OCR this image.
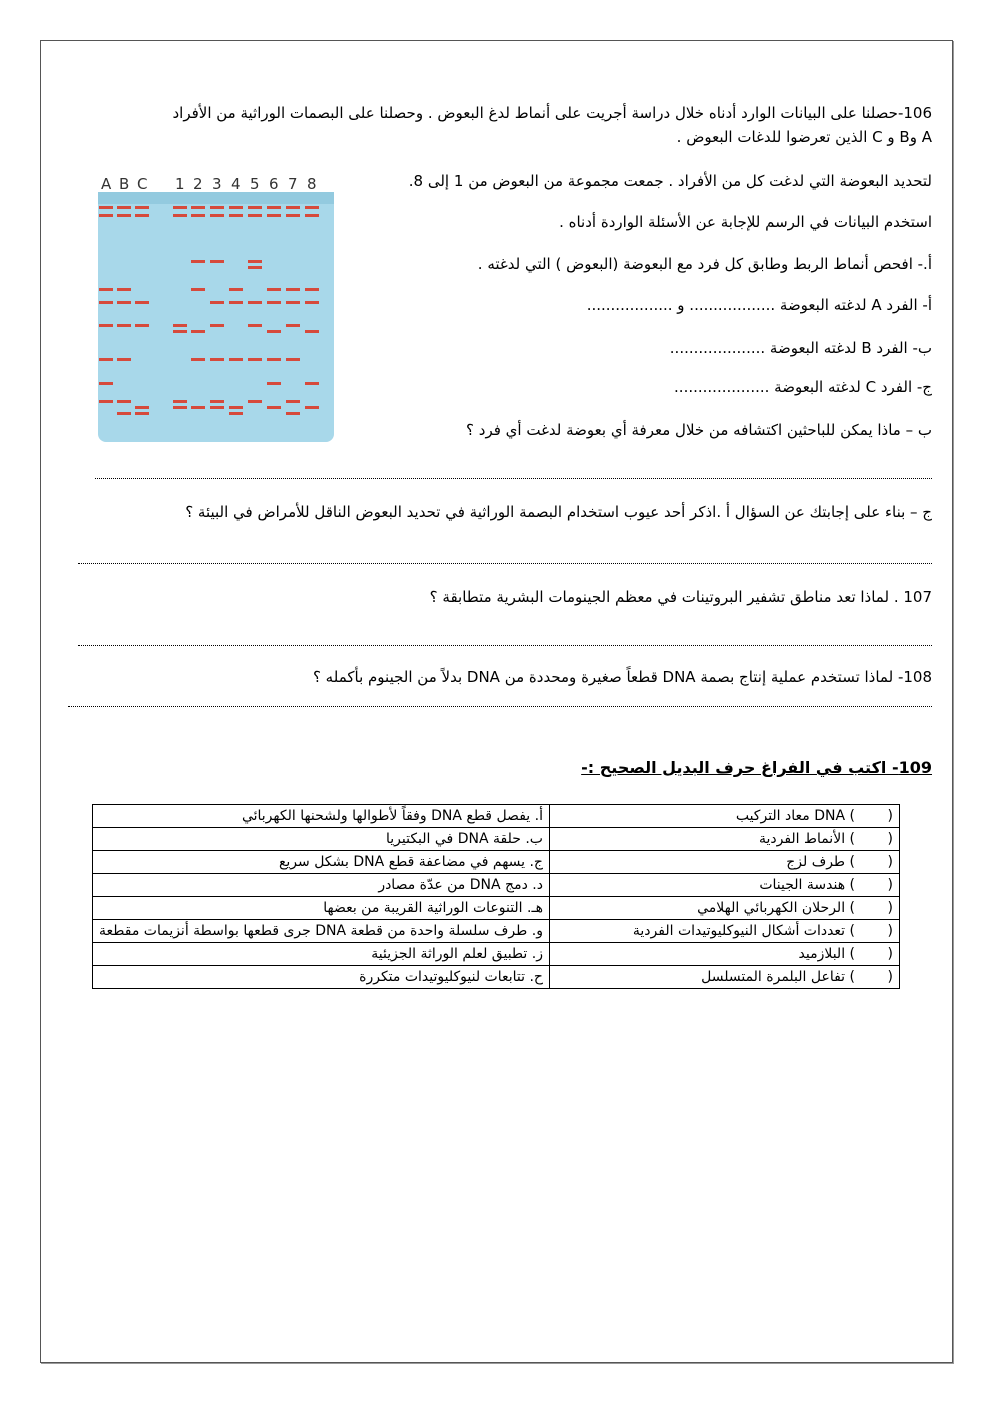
106-حصلنا على البيانات الوارد أدناه خلال دراسة أجريت على أنماط لدغ البعوض . وحصلنا على البصمات الوراثية من الأفراد
A وB و C الذين تعرضوا للدغات البعوض .
لتحديد البعوضة التي لدغت كل من الأفراد . جمعت مجموعة من البعوض من 1 إلى 8.
استخدم البيانات في الرسم للإجابة عن الأسئلة الواردة أدناه .
أ.- افحص أنماط الربط وطابق كل فرد مع البعوضة (البعوض ) التي لدغته .
أ- الفرد A لدغته البعوضة .................. و ..................
ب- الفرد B لدغته البعوضة ....................
ج- الفرد C لدغته البعوضة ....................
ب – ماذا يمكن للباحثين اكتشافه من خلال معرفة أي بعوضة لدغت أي فرد ؟
ج – بناء على إجابتك عن السؤال أ .اذكر أحد عيوب استخدام البصمة الوراثية في تحديد البعوض الناقل للأمراض في البيئة ؟
107 . لماذا تعد مناطق تشفير البروتينات في معظم الجينومات البشرية متطابقة ؟
108- لماذا تستخدم عملية إنتاج بصمة DNA قطعاً صغيرة ومحددة من DNA بدلاً من الجينوم بأكمله ؟
A B C 1 2 3 4 5 6 7 8
109- اكتب في الفراغ حرف البديل الصحيح :-
() DNA معاد التركيب	أ. يفصل قطع DNA وفقاً لأطوالها ولشحنها الكهربائي
() الأنماط الفردية	ب. حلقة DNA في البكتيريا
() طرف لزج	ج. يسهم في مضاعفة قطع DNA بشكل سريع
() هندسة الجينات	د. دمج DNA من عدّة مصادر
() الرحلان الكهربائي الهلامي	هـ. التنوعات الوراثية القريبة من بعضها
() تعددات أشكال النيوكليوتيدات الفردية	و. طرف سلسلة واحدة من قطعة DNA جرى قطعها بواسطة أنزيمات مقطعة
() البلازميد	ز. تطبيق لعلم الوراثة الجزيئية
() تفاعل البلمرة المتسلسل	ح. تتابعات لنيوكليوتيدات متكررة
